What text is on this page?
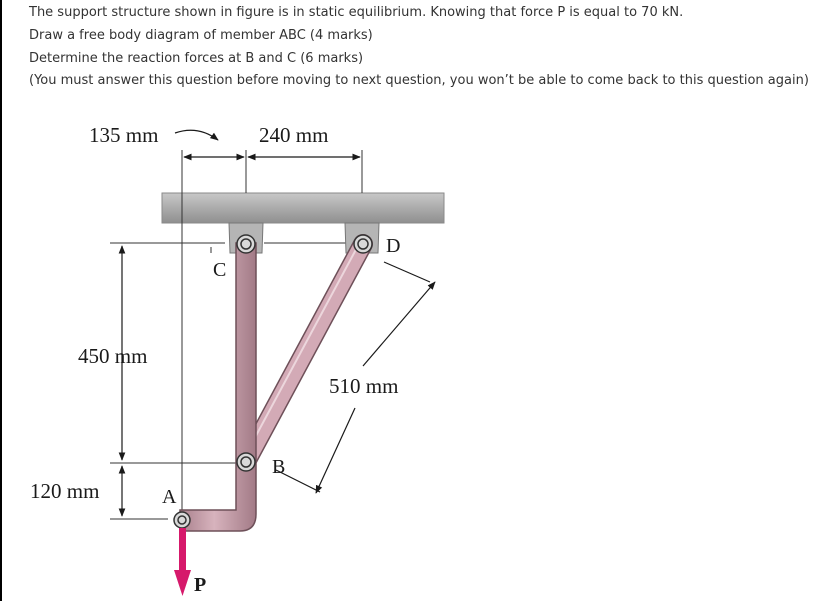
The support structure shown in figure is in static equilibrium. Knowing that force P is equal to 70 kN.

Draw a free body diagram of member ABC (4 marks)

Determine the reaction forces at B and C (6 marks)

(You must answer this question before moving to next question, you won’t be able to come back to this question again)

135 mm	240 mm
450 mm
120 mm
510 mm
A
B
C
D
P
